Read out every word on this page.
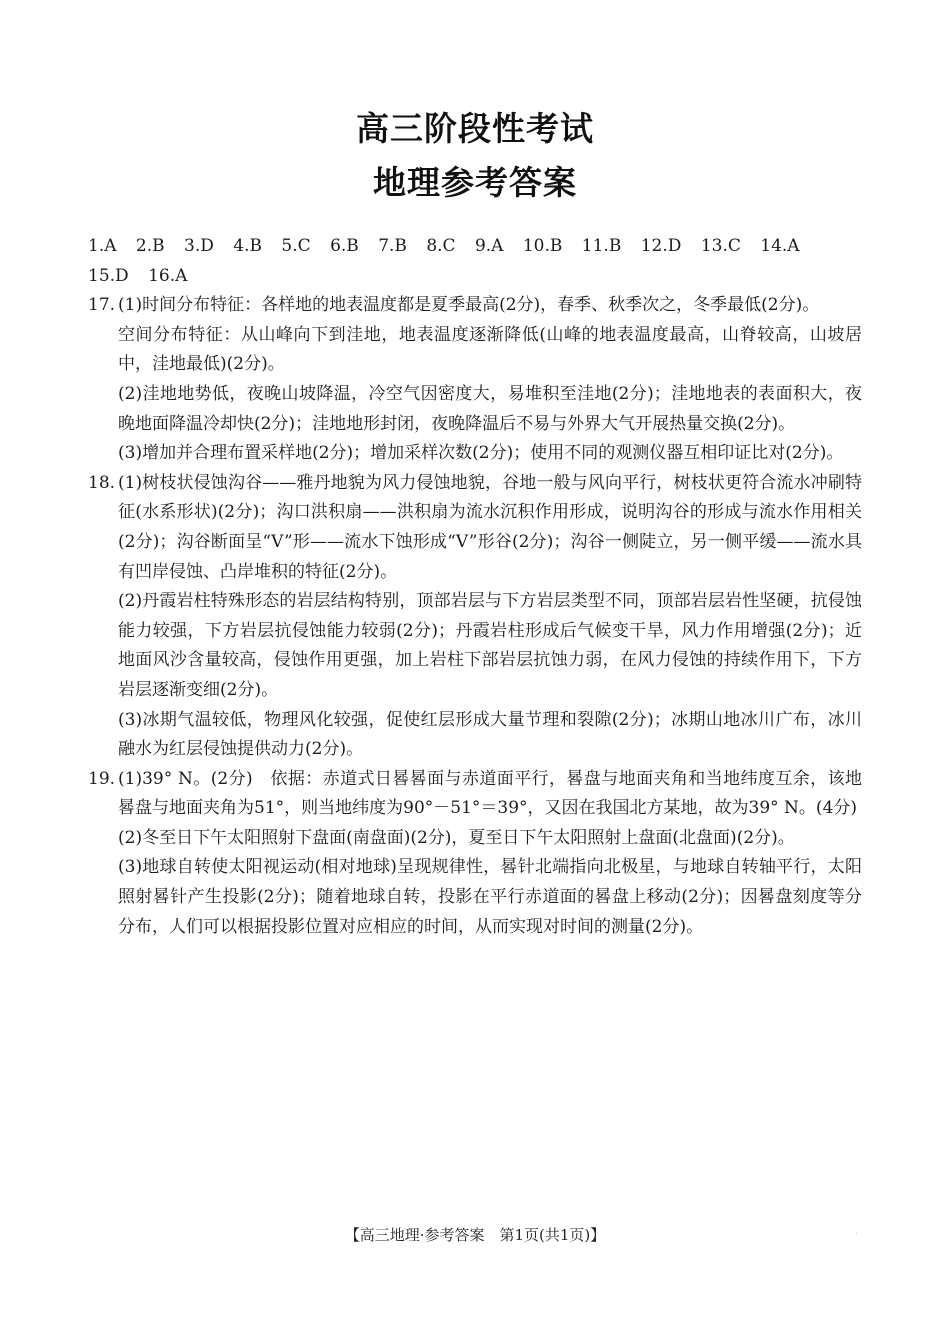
高三阶段性考试
地理参考答案
1.A 2.B 3.D 4.B 5.C 6.B 7.B 8.C 9.A 10.B 11.B 12.D 13.C 14.A 15.D 16.A
17. (1)时间分布特征：各样地的地表温度都是夏季最高(2分)，春季、秋季次之，冬季最低(2分)。

空间分布特征：从山峰向下到洼地，地表温度逐渐降低(山峰的地表温度最高，山脊较高，山坡居中，洼地最低)(2分)。

(2)洼地地势低，夜晚山坡降温，冷空气因密度大，易堆积至洼地(2分)；洼地地表的表面积大，夜晚地面降温冷却快(2分)；洼地地形封闭，夜晚降温后不易与外界大气开展热量交换(2分)。

(3)增加并合理布置采样地(2分)；增加采样次数(2分)；使用不同的观测仪器互相印证比对(2分)。

18. (1)树枝状侵蚀沟谷——雅丹地貌为风力侵蚀地貌，谷地一般与风向平行，树枝状更符合流水冲刷特征(水系形状)(2分)；沟口洪积扇——洪积扇为流水沉积作用形成，说明沟谷的形成与流水作用相关(2分)；沟谷断面呈“V”形——流水下蚀形成“V”形谷(2分)；沟谷一侧陡立，另一侧平缓——流水具有凹岸侵蚀、凸岸堆积的特征(2分)。

(2)丹霞岩柱特殊形态的岩层结构特别，顶部岩层与下方岩层类型不同，顶部岩层岩性坚硬，抗侵蚀能力较强，下方岩层抗侵蚀能力较弱(2分)；丹霞岩柱形成后气候变干旱，风力作用增强(2分)；近地面风沙含量较高，侵蚀作用更强，加上岩柱下部岩层抗蚀力弱，在风力侵蚀的持续作用下，下方岩层逐渐变细(2分)。

(3)冰期气温较低，物理风化较强，促使红层形成大量节理和裂隙(2分)；冰期山地冰川广布，冰川融水为红层侵蚀提供动力(2分)。

19. (1)39° N。(2分)　依据：赤道式日晷晷面与赤道面平行，晷盘与地面夹角和当地纬度互余，该地晷盘与地面夹角为51°，则当地纬度为90°－51°＝39°，又因在我国北方某地，故为39° N。(4分)

(2)冬至日下午太阳照射下盘面(南盘面)(2分)，夏至日下午太阳照射上盘面(北盘面)(2分)。

(3)地球自转使太阳视运动(相对地球)呈现规律性，晷针北端指向北极星，与地球自转轴平行，太阳照射晷针产生投影(2分)；随着地球自转，投影在平行赤道面的晷盘上移动(2分)；因晷盘刻度等分分布，人们可以根据投影位置对应相应的时间，从而实现对时间的测量(2分)。

【高三地理·参考答案　第1页(共1页)】	.
